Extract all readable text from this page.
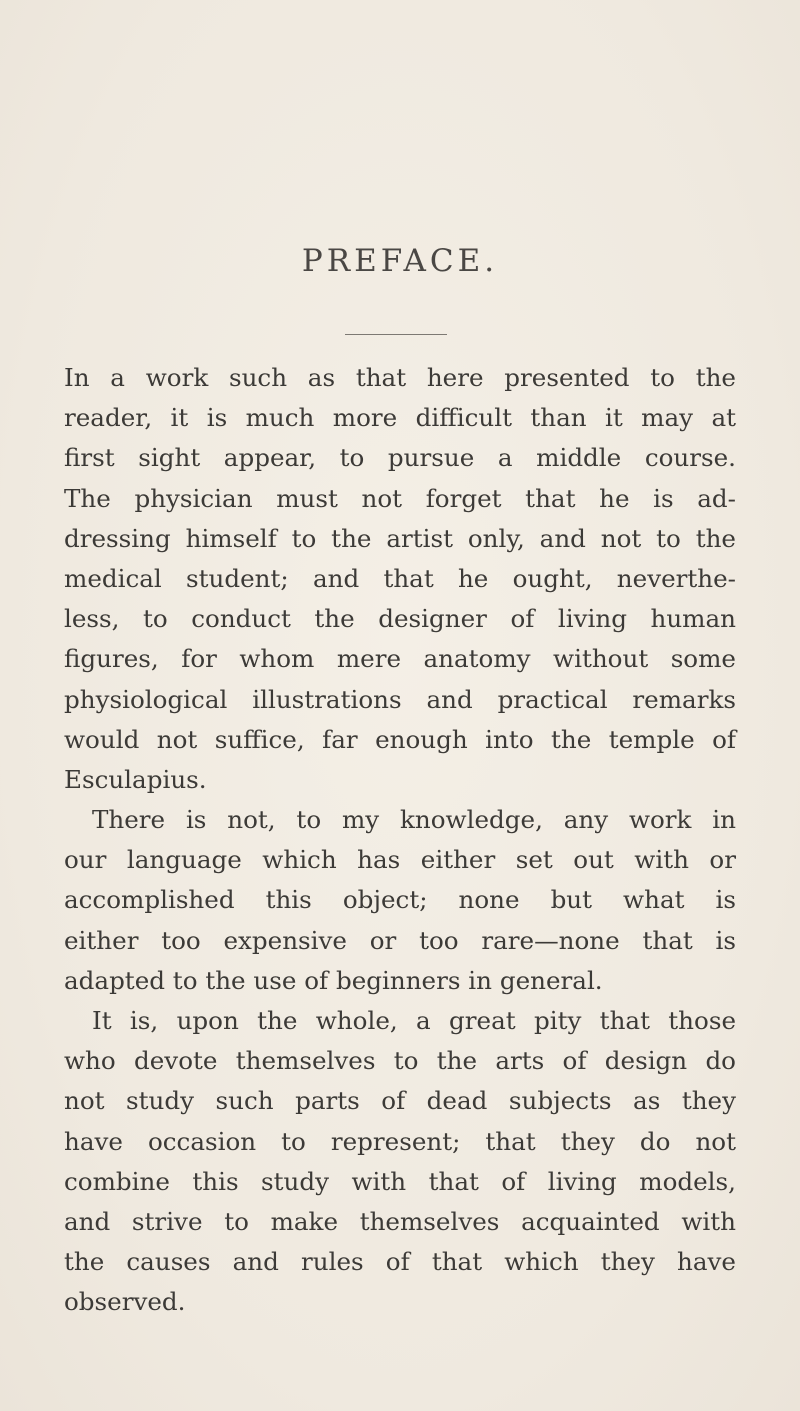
PREFACE.
In a work such as that here presented to the
reader, it is much more difficult than it may at
first sight appear, to pursue a middle course.
The physician must not forget that he is ad-
dressing himself to the artist only, and not to the
medical student; and that he ought, neverthe-
less, to conduct the designer of living human
figures, for whom mere anatomy without some
physiological illustrations and practical remarks
would not suffice, far enough into the temple of
Esculapius.
There is not, to my knowledge, any work in
our language which has either set out with or
accomplished this object; none but what is
either too expensive or too rare—none that is
adapted to the use of beginners in general.
It is, upon the whole, a great pity that those
who devote themselves to the arts of design do
not study such parts of dead subjects as they
have occasion to represent; that they do not
combine this study with that of living models,
and strive to make themselves acquainted with
the causes and rules of that which they have
observed.
